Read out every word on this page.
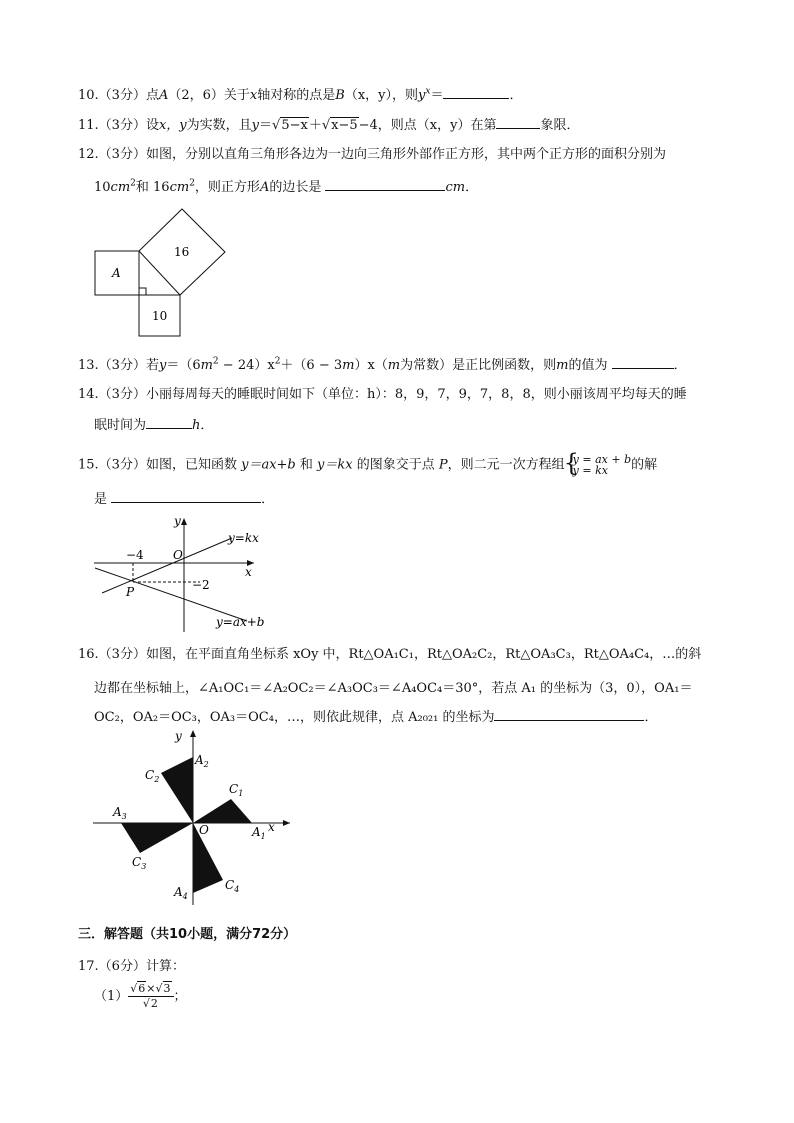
10.（3分）点A（2，6）关于x轴对称的点是B（x，y），则$y^x=$	．
11.（3分）设x，y为实数，且y＝√5−x＋√x−5−4，则点（x，y）在第	象限．
12.（3分）如图，分别以直角三角形各边为一边向三角形外部作正方形，其中两个正方形的面积分别为
$10cm^2$和 $16cm^2$，则正方形A的边长是	cm．
A
16
10
13.（3分）若$y=(6m^2 - 24)x^2+(6 - 3m)x(m$为常数）是正比例函数，则m的值为	．
14.（3分）小丽每周每天的睡眠时间如下（单位：h）：8，9，7，9，7，8，8，则小丽该周平均每天的睡
眠时间为	h．
15.（3分）如图，已知函数 y＝ax+b 和 y＝kx 的图象交于点 P，则二元一次方程组
{ y = ax + b
y = kx	的解
是	．
y
x
O
−4
−2
P
y=kx
y=ax+b
16.（3分）如图，在平面直角坐标系 xOy 中，Rt△OA₁C₁，Rt△OA₂C₂，Rt△OA₃C₃，Rt△OA₄C₄，…的斜
边都在坐标轴上，∠A₁OC₁＝∠A₂OC₂＝∠A₃OC₃＝∠A₄OC₄＝30°，若点 A₁ 的坐标为（3，0），OA₁＝
OC₂，OA₂＝OC₃，OA₃＝OC₄，…，则依此规律，点 A₂₀₂₁ 的坐标为	．
x
y
O	$A_1$
$C_1$
$A_2$
$C_2$
$A_3$
$C_3$
$A_4$
$C_4$
三．解答题（共10小题，满分72分）
17.（6分）计算：
$(1) \frac{√6\times√3}{√2}$ ；
